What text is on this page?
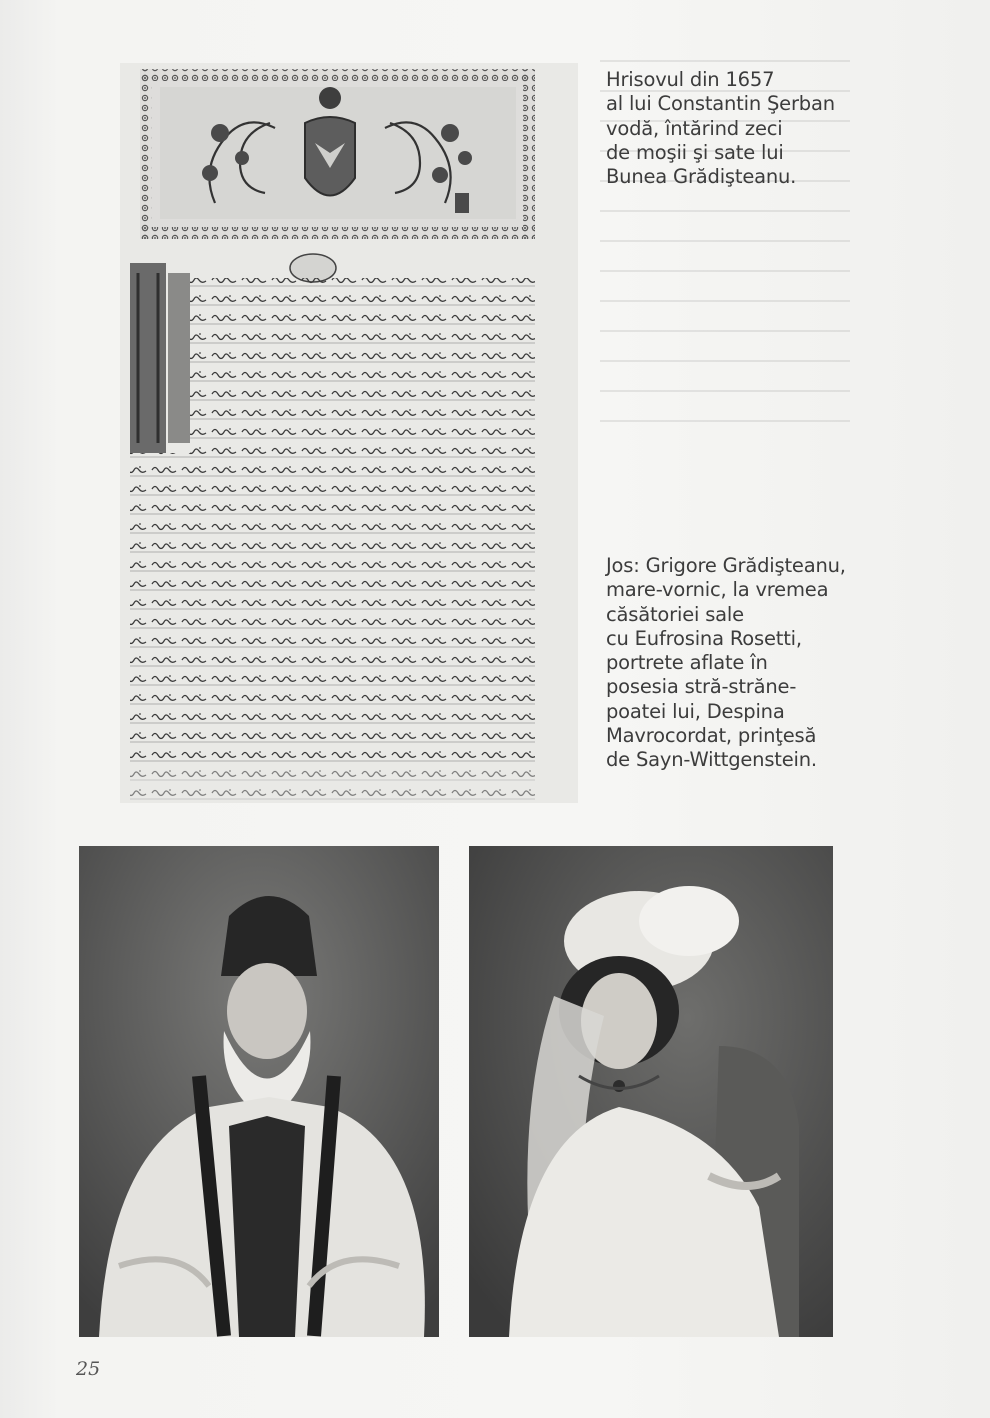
Hrisovul din 1657
al lui Constantin Şerban
vodă, întărind zeci
de moşii şi sate lui
Bunea Grădişteanu.
Jos: Grigore Grădişteanu,
mare-vornic, la vremea
căsătoriei sale
cu Eufrosina Rosetti,
portrete aflate în
posesia stră-străne-
poatei lui, Despina
Mavrocordat, prinţesă
de Sayn-Wittgenstein.
25
